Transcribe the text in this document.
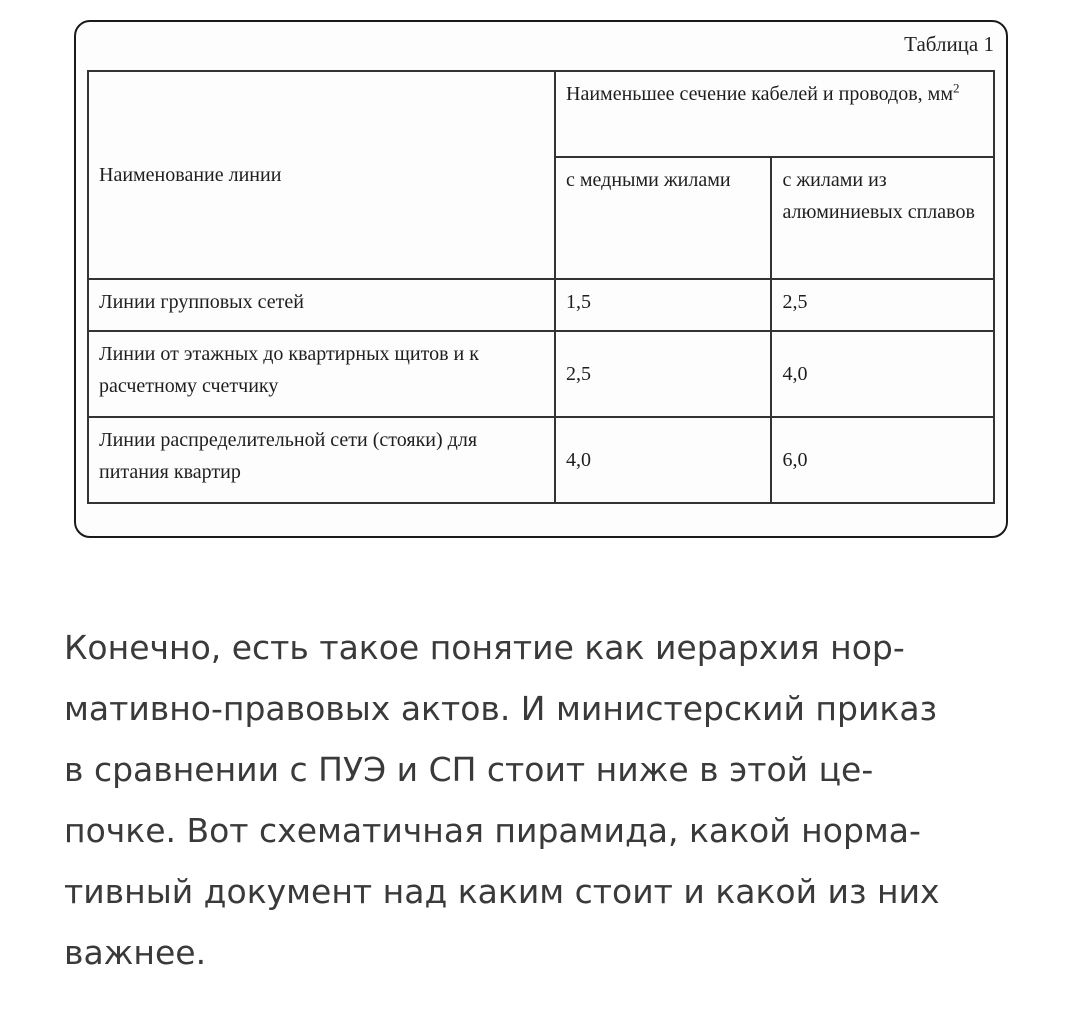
Таблица 1
Наименование линии	Наименьшее сечение кабелей и проводов, $мм^2$
	с медными жилами	с жилами из алюминиевых сплавов
Линии групповых сетей	1,5	2,5
Линии от этажных до квартирных щитов и к расчетному счетчику	2,5	4,0
Линии распределительной сети (стояки) для питания квартир	4,0	6,0

Конечно, есть такое понятие как иерархия нор-
мативно-правовых актов. И министерский приказ
в сравнении с ПУЭ и СП стоит ниже в этой це-
почке. Вот схематичная пирамида, какой норма-
тивный документ над каким стоит и какой из них
важнее.
